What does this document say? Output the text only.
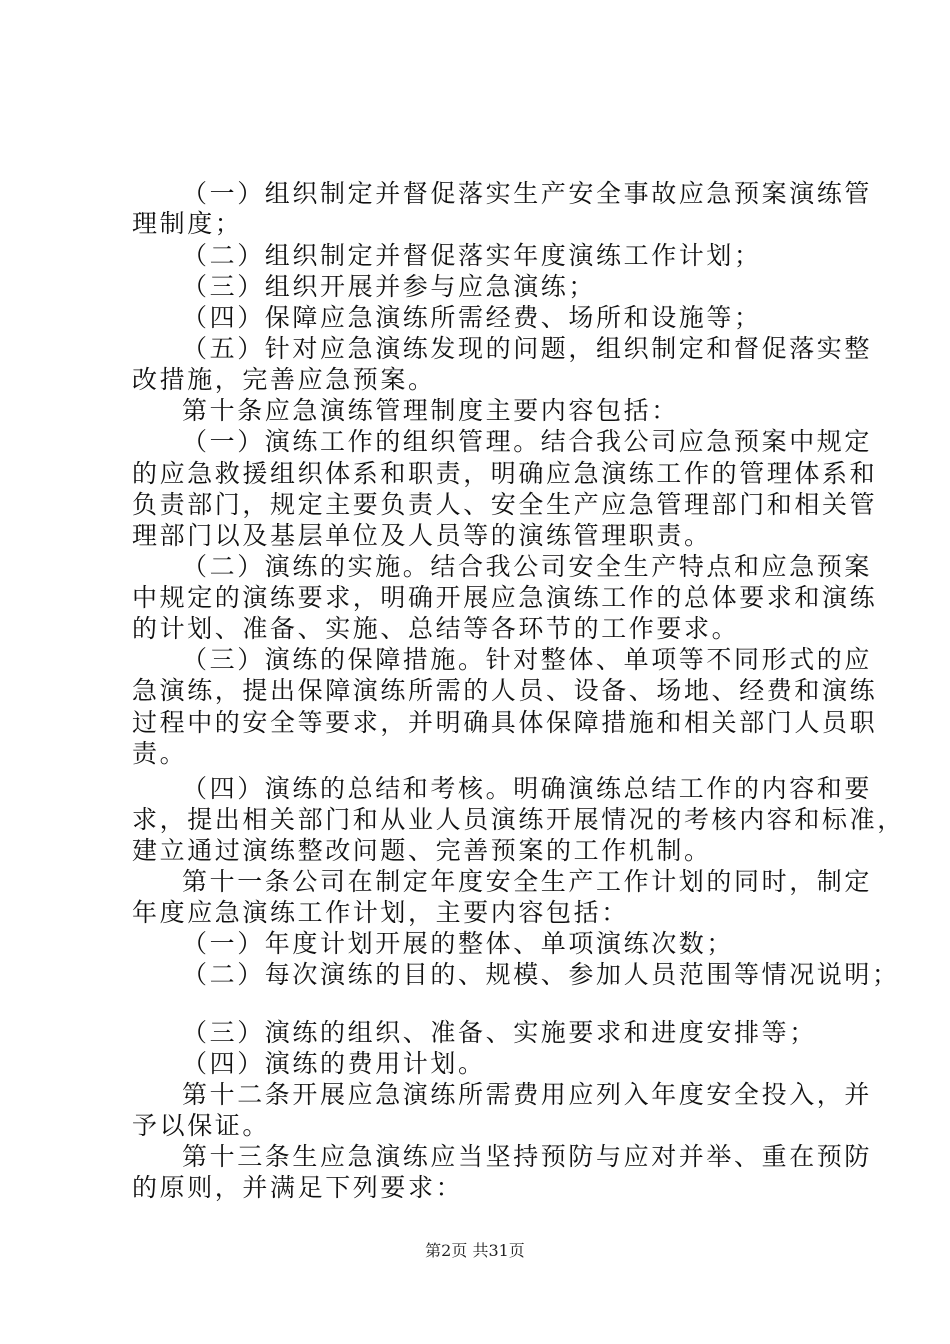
（一）组织制定并督促落实生产安全事故应急预案演练管
理制度；
（二）组织制定并督促落实年度演练工作计划；
（三）组织开展并参与应急演练；
（四）保障应急演练所需经费、场所和设施等；
（五）针对应急演练发现的问题，组织制定和督促落实整
改措施，完善应急预案。
第十条应急演练管理制度主要内容包括：
（一）演练工作的组织管理。结合我公司应急预案中规定
的应急救援组织体系和职责，明确应急演练工作的管理体系和
负责部门，规定主要负责人、安全生产应急管理部门和相关管
理部门以及基层单位及人员等的演练管理职责。
（二）演练的实施。结合我公司安全生产特点和应急预案
中规定的演练要求，明确开展应急演练工作的总体要求和演练
的计划、准备、实施、总结等各环节的工作要求。
（三）演练的保障措施。针对整体、单项等不同形式的应
急演练，提出保障演练所需的人员、设备、场地、经费和演练
过程中的安全等要求，并明确具体保障措施和相关部门人员职
责。
（四）演练的总结和考核。明确演练总结工作的内容和要
求，提出相关部门和从业人员演练开展情况的考核内容和标准，
建立通过演练整改问题、完善预案的工作机制。
第十一条公司在制定年度安全生产工作计划的同时，制定
年度应急演练工作计划，主要内容包括：
（一）年度计划开展的整体、单项演练次数；
（二）每次演练的目的、规模、参加人员范围等情况说明；
（三）演练的组织、准备、实施要求和进度安排等；
（四）演练的费用计划。
第十二条开展应急演练所需费用应列入年度安全投入，并
予以保证。
第十三条生应急演练应当坚持预防与应对并举、重在预防
的原则，并满足下列要求：
第2页 共31页
